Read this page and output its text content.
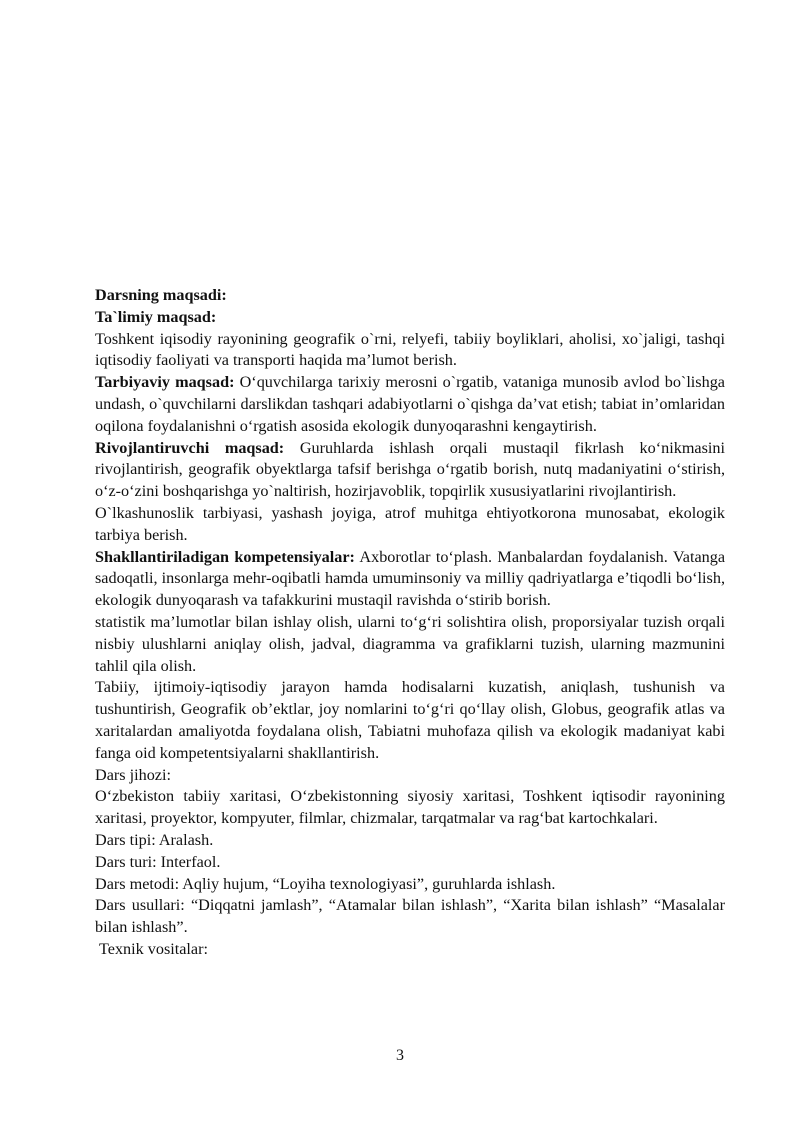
Darsning maqsadi:

Ta`limiy maqsad:

Toshkent iqisodiy rayonining geografik o`rni, relyefi, tabiiy boyliklari, aholisi, xo`jaligi, tashqi iqtisodiy faoliyati va transporti haqida ma’lumot berish.

Tarbiyaviy maqsad: O‘quvchilarga tarixiy merosni o`rgatib, vataniga munosib avlod bo`lishga undash, o`quvchilarni darslikdan tashqari adabiyotlarni o`qishga da’vat etish; tabiat in’omlaridan oqilona foydalanishni o‘rgatish asosida ekologik dunyoqarashni kengaytirish.

Rivojlantiruvchi maqsad: Guruhlarda ishlash orqali mustaqil fikrlash ko‘nikmasini rivojlantirish, geografik obyektlarga tafsif berishga o‘rgatib borish, nutq madaniyatini o‘stirish, o‘z-o‘zini boshqarishga yo`naltirish, hozirjavoblik, topqirlik xususiyatlarini rivojlantirish.

O`lkashunoslik tarbiyasi, yashash joyiga, atrof muhitga ehtiyotkorona munosabat, ekologik tarbiya berish.

Shakllantiriladigan kompetensiyalar: Axborotlar to‘plash. Manbalardan foydalanish. Vatanga sadoqatli, insonlarga mehr-oqibatli hamda umuminsoniy va milliy qadriyatlarga e’tiqodli bo‘lish, ekologik dunyoqarash va tafakkurini mustaqil ravishda o‘stirib borish.

statistik ma’lumotlar bilan ishlay olish, ularni to‘g‘ri solishtira olish, proporsiyalar tuzish orqali nisbiy ulushlarni aniqlay olish, jadval, diagramma va grafiklarni tuzish, ularning mazmunini tahlil qila olish.

Tabiiy, ijtimoiy-iqtisodiy jarayon hamda hodisalarni kuzatish, aniqlash, tushunish va tushuntirish, Geografik ob’ektlar, joy nomlarini to‘g‘ri qo‘llay olish, Globus, geografik atlas va xaritalardan amaliyotda foydalana olish, Tabiatni muhofaza qilish va ekologik madaniyat kabi fanga oid kompetentsiyalarni shakllantirish.

Dars jihozi:

O‘zbekiston tabiiy xaritasi, O‘zbekistonning siyosiy xaritasi, Toshkent iqtisodir rayonining xaritasi, proyektor, kompyuter, filmlar, chizmalar, tarqatmalar va rag‘bat kartochkalari.

Dars tipi: Aralash.

Dars turi: Interfaol.

Dars metodi: Aqliy hujum, “Loyiha texnologiyasi”, guruhlarda ishlash.

Dars usullari: “Diqqatni jamlash”, “Atamalar bilan ishlash”, “Xarita bilan ishlash” “Masalalar bilan ishlash”.

Texnik vositalar:

3
